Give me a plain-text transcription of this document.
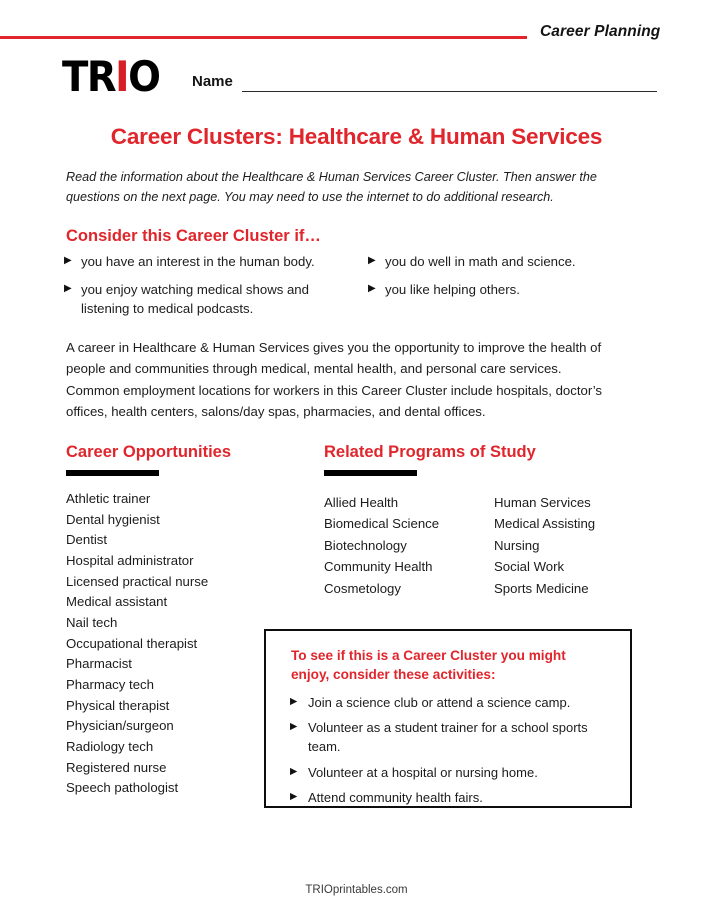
Career Planning
TRIO Name
Career Clusters: Healthcare & Human Services
Read the information about the Healthcare & Human Services Career Cluster. Then answer the questions on the next page. You may need to use the internet to do additional research.
Consider this Career Cluster if…
▶ you have an interest in the human body.
▶ you enjoy watching medical shows and listening to medical podcasts.
▶ you do well in math and science.
▶ you like helping others.
A career in Healthcare & Human Services gives you the opportunity to improve the health of people and communities through medical, mental health, and personal care services. Common employment locations for workers in this Career Cluster include hospitals, doctor’s offices, health centers, salons/day spas, pharmacies, and dental offices.
Career Opportunities	Related Programs of Study
Athletic trainer
Dental hygienist
Dentist
Hospital administrator
Licensed practical nurse
Medical assistant
Nail tech
Occupational therapist
Pharmacist
Pharmacy tech
Physical therapist
Physician/surgeon
Radiology tech
Registered nurse
Speech pathologist
Allied Health
Biomedical Science
Biotechnology
Community Health
Cosmetology
Human Services
Medical Assisting
Nursing
Social Work
Sports Medicine
To see if this is a Career Cluster you might enjoy, consider these activities:
▶ Join a science club or attend a science camp.
▶ Volunteer as a student trainer for a school sports team.
▶ Volunteer at a hospital or nursing home.
▶ Attend community health fairs.
TRIOprintables.com
